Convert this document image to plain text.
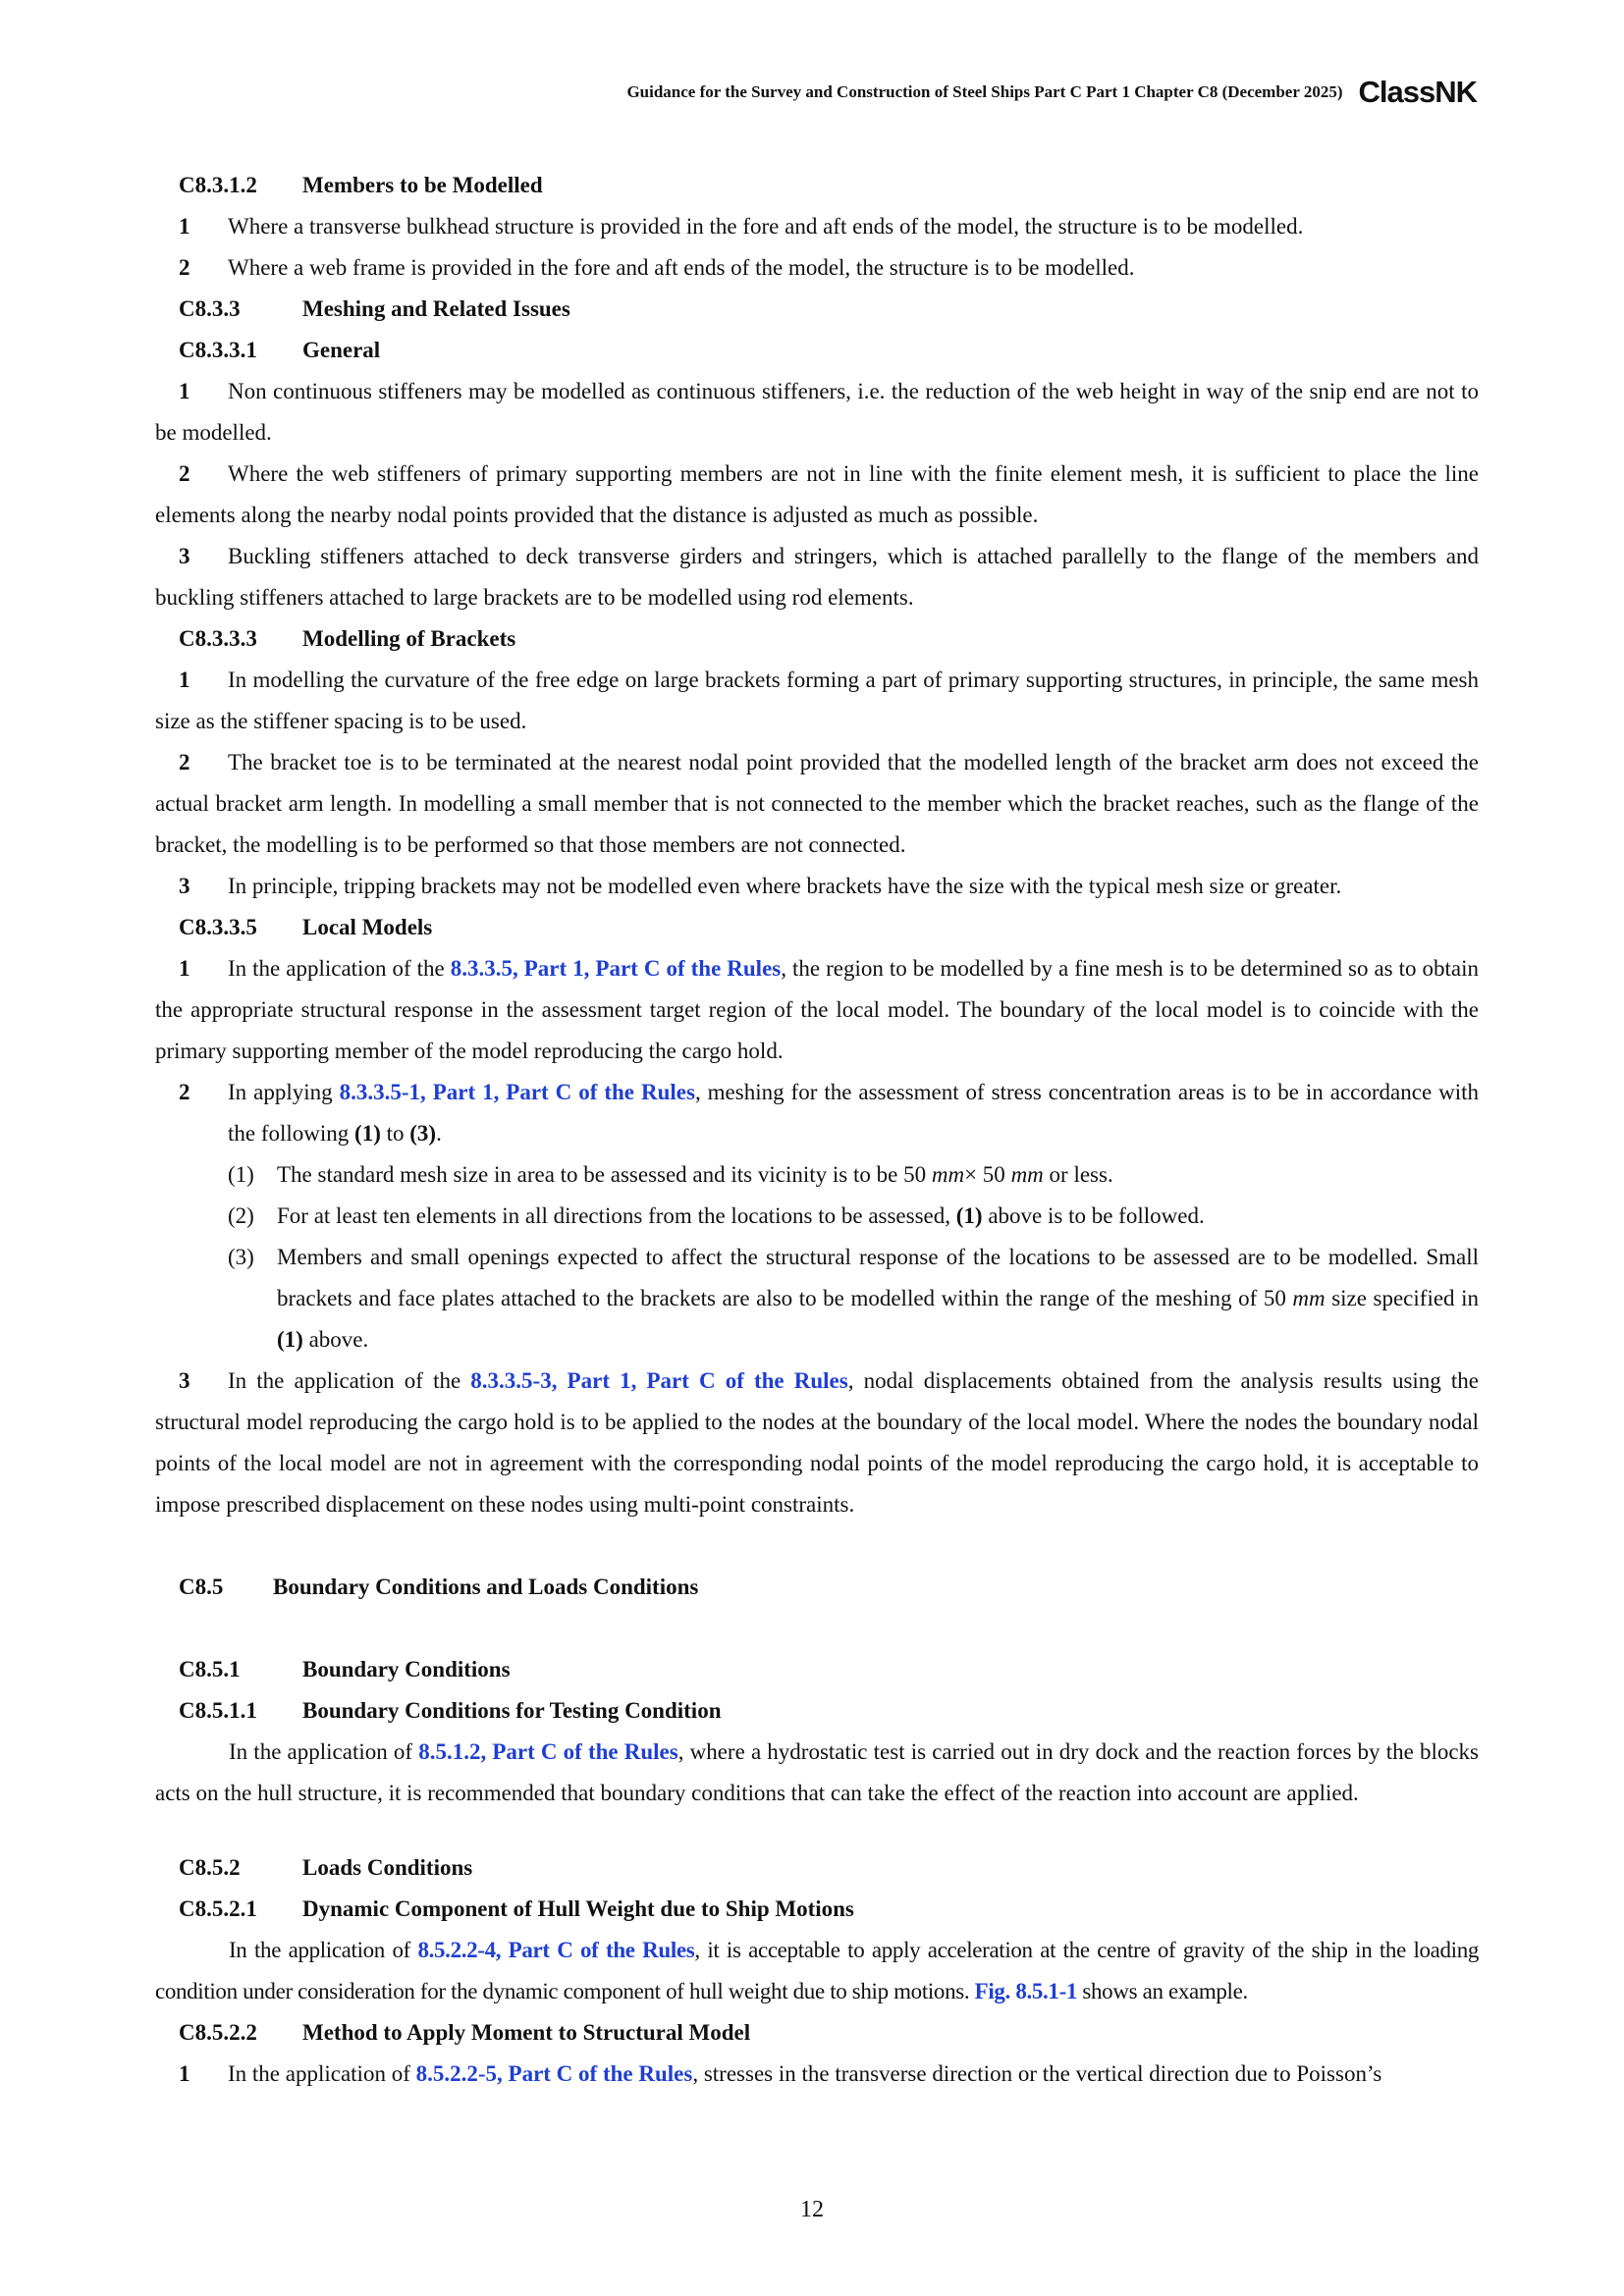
Guidance for the Survey and Construction of Steel Ships Part C Part 1 Chapter C8 (December 2025) ClassNK

C8.3.1.2	Members to be Modelled

1 Where a transverse bulkhead structure is provided in the fore and aft ends of the model, the structure is to be modelled.

2 Where a web frame is provided in the fore and aft ends of the model, the structure is to be modelled.

C8.3.3	Meshing and Related Issues

C8.3.3.1	General

1 Non continuous stiffeners may be modelled as continuous stiffeners, i.e. the reduction of the web height in way of the snip end are not to be modelled.

2 Where the web stiffeners of primary supporting members are not in line with the finite element mesh, it is sufficient to place the line elements along the nearby nodal points provided that the distance is adjusted as much as possible.

3 Buckling stiffeners attached to deck transverse girders and stringers, which is attached parallelly to the flange of the members and buckling stiffeners attached to large brackets are to be modelled using rod elements.

C8.3.3.3	Modelling of Brackets

1 In modelling the curvature of the free edge on large brackets forming a part of primary supporting structures, in principle, the same mesh size as the stiffener spacing is to be used.

2 The bracket toe is to be terminated at the nearest nodal point provided that the modelled length of the bracket arm does not exceed the actual bracket arm length. In modelling a small member that is not connected to the member which the bracket reaches, such as the flange of the bracket, the modelling is to be performed so that those members are not connected.

3 In principle, tripping brackets may not be modelled even where brackets have the size with the typical mesh size or greater.

C8.3.3.5	Local Models

1 In the application of the 8.3.3.5, Part 1, Part C of the Rules, the region to be modelled by a fine mesh is to be determined so as to obtain the appropriate structural response in the assessment target region of the local model. The boundary of the local model is to coincide with the primary supporting member of the model reproducing the cargo hold.

2 In applying 8.3.3.5-1, Part 1, Part C of the Rules, meshing for the assessment of stress concentration areas is to be in accordance with the following (1) to (3).

(1) The standard mesh size in area to be assessed and its vicinity is to be 50 mm× 50 mm or less.

(2) For at least ten elements in all directions from the locations to be assessed, (1) above is to be followed.

(3) Members and small openings expected to affect the structural response of the locations to be assessed are to be modelled. Small brackets and face plates attached to the brackets are also to be modelled within the range of the meshing of 50 mm size specified in (1) above.

3 In the application of the 8.3.3.5-3, Part 1, Part C of the Rules, nodal displacements obtained from the analysis results using the structural model reproducing the cargo hold is to be applied to the nodes at the boundary of the local model. Where the nodes the boundary nodal points of the local model are not in agreement with the corresponding nodal points of the model reproducing the cargo hold, it is acceptable to impose prescribed displacement on these nodes using multi-point constraints.

C8.5	Boundary Conditions and Loads Conditions

C8.5.1	Boundary Conditions

C8.5.1.1	Boundary Conditions for Testing Condition

In the application of 8.5.1.2, Part C of the Rules, where a hydrostatic test is carried out in dry dock and the reaction forces by the blocks acts on the hull structure, it is recommended that boundary conditions that can take the effect of the reaction into account are applied.

C8.5.2	Loads Conditions

C8.5.2.1	Dynamic Component of Hull Weight due to Ship Motions

In the application of 8.5.2.2-4, Part C of the Rules, it is acceptable to apply acceleration at the centre of gravity of the ship in the loading condition under consideration for the dynamic component of hull weight due to ship motions. Fig. 8.5.1-1 shows an example.

C8.5.2.2	Method to Apply Moment to Structural Model

1 In the application of 8.5.2.2-5, Part C of the Rules, stresses in the transverse direction or the vertical direction due to Poisson’s

12
